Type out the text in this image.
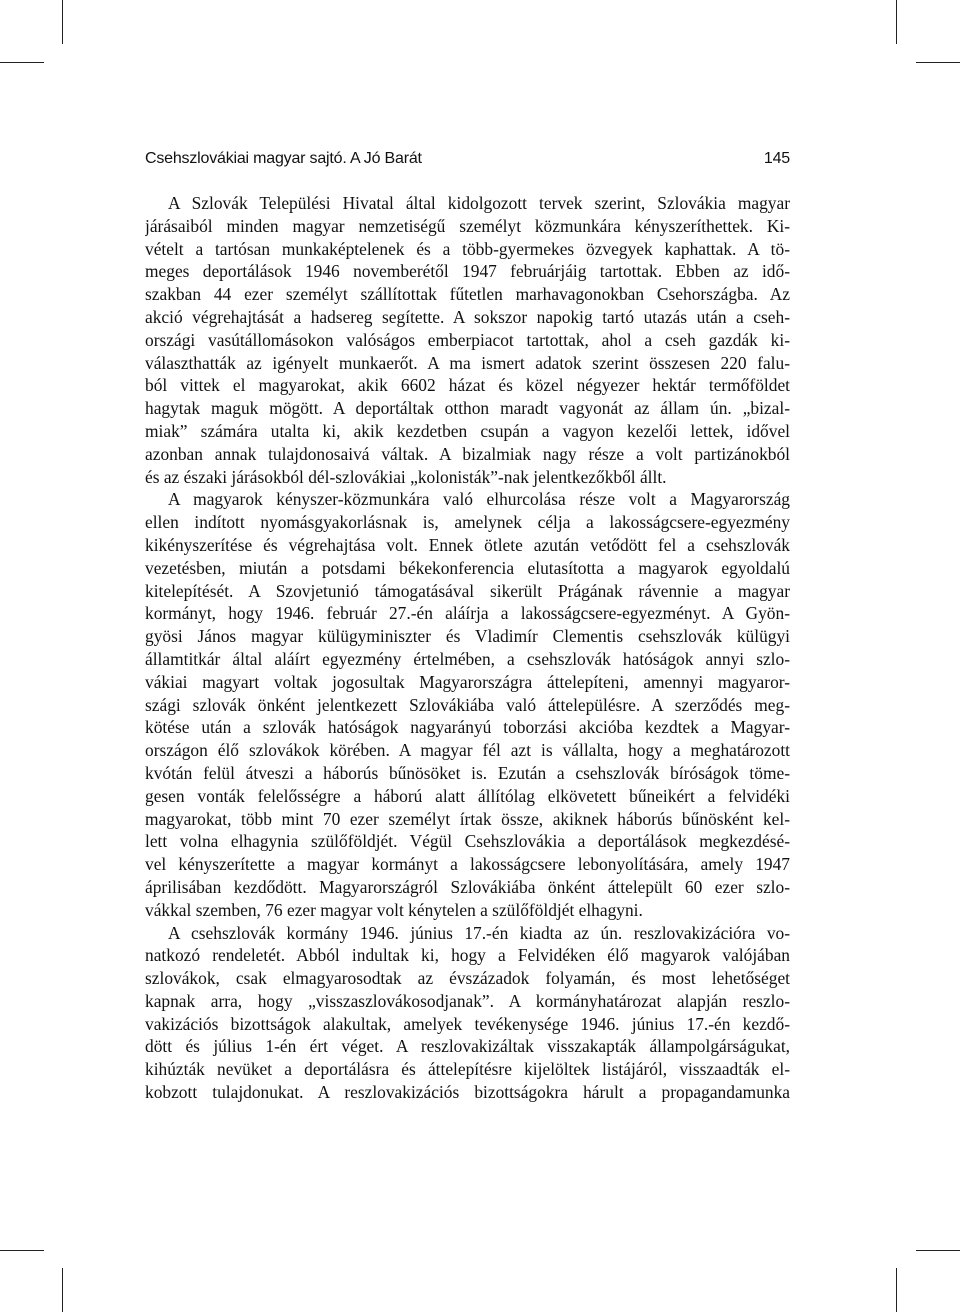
Csehszlovákiai magyar sajtó. A Jó Barát	145
A Szlovák Települési Hivatal által kidolgozott tervek szerint, Szlovákia magyar
járásaiból minden magyar nemzetiségű személyt közmunkára kényszeríthettek. Ki-
vételt a tartósan munkaképtelenek és a több-gyermekes özvegyek kaphattak. A tö-
meges deportálások 1946 novemberétől 1947 februárjáig tartottak. Ebben az idő-
szakban 44 ezer személyt szállítottak fűtetlen marhavagonokban Csehországba. Az
akció végrehajtását a hadsereg segítette. A sokszor napokig tartó utazás után a cseh-
országi vasútállomásokon valóságos emberpiacot tartottak, ahol a cseh gazdák ki-
választhatták az igényelt munkaerőt. A ma ismert adatok szerint összesen 220 falu-
ból vittek el magyarokat, akik 6602 házat és közel négyezer hektár termőföldet
hagytak maguk mögött. A deportáltak otthon maradt vagyonát az állam ún. „bizal-
miak” számára utalta ki, akik kezdetben csupán a vagyon kezelői lettek, idővel
azonban annak tulajdonosaivá váltak. A bizalmiak nagy része a volt partizánokból
és az északi járásokból dél-szlovákiai „kolonisták”-nak jelentkezőkből állt.
A magyarok kényszer-közmunkára való elhurcolása része volt a Magyarország
ellen indított nyomásgyakorlásnak is, amelynek célja a lakosságcsere-egyezmény
kikényszerítése és végrehajtása volt. Ennek ötlete azután vetődött fel a csehszlovák
vezetésben, miután a potsdami békekonferencia elutasította a magyarok egyoldalú
kitelepítését. A Szovjetunió támogatásával sikerült Prágának rávennie a magyar
kormányt, hogy 1946. február 27.-én aláírja a lakosságcsere-egyezményt. A Gyön-
gyösi János magyar külügyminiszter és Vladimír Clementis csehszlovák külügyi
államtitkár által aláírt egyezmény értelmében, a csehszlovák hatóságok annyi szlo-
vákiai magyart voltak jogosultak Magyarországra áttelepíteni, amennyi magyaror-
szági szlovák önként jelentkezett Szlovákiába való áttelepülésre. A szerződés meg-
kötése után a szlovák hatóságok nagyarányú toborzási akcióba kezdtek a Magyar-
országon élő szlovákok körében. A magyar fél azt is vállalta, hogy a meghatározott
kvótán felül átveszi a háborús bűnösöket is. Ezután a csehszlovák bíróságok töme-
gesen vonták felelősségre a háború alatt állítólag elkövetett bűneikért a felvidéki
magyarokat, több mint 70 ezer személyt írtak össze, akiknek háborús bűnösként kel-
lett volna elhagynia szülőföldjét. Végül Csehszlovákia a deportálások megkezdésé-
vel kényszerítette a magyar kormányt a lakosságcsere lebonyolítására, amely 1947
áprilisában kezdődött. Magyarországról Szlovákiába önként áttelepült 60 ezer szlo-
vákkal szemben, 76 ezer magyar volt kénytelen a szülőföldjét elhagyni.
A csehszlovák kormány 1946. június 17.-én kiadta az ún. reszlovakizációra vo-
natkozó rendeletét. Abból indultak ki, hogy a Felvidéken élő magyarok valójában
szlovákok, csak elmagyarosodtak az évszázadok folyamán, és most lehetőséget
kapnak arra, hogy „visszaszlovákosodjanak”. A kormányhatározat alapján reszlo-
vakizációs bizottságok alakultak, amelyek tevékenysége 1946. június 17.-én kezdő-
dött és július 1-én ért véget. A reszlovakizáltak visszakapták állampolgárságukat,
kihúzták nevüket a deportálásra és áttelepítésre kijelöltek listájáról, visszaadták el-
kobzott tulajdonukat. A reszlovakizációs bizottságokra hárult a propagandamunka
